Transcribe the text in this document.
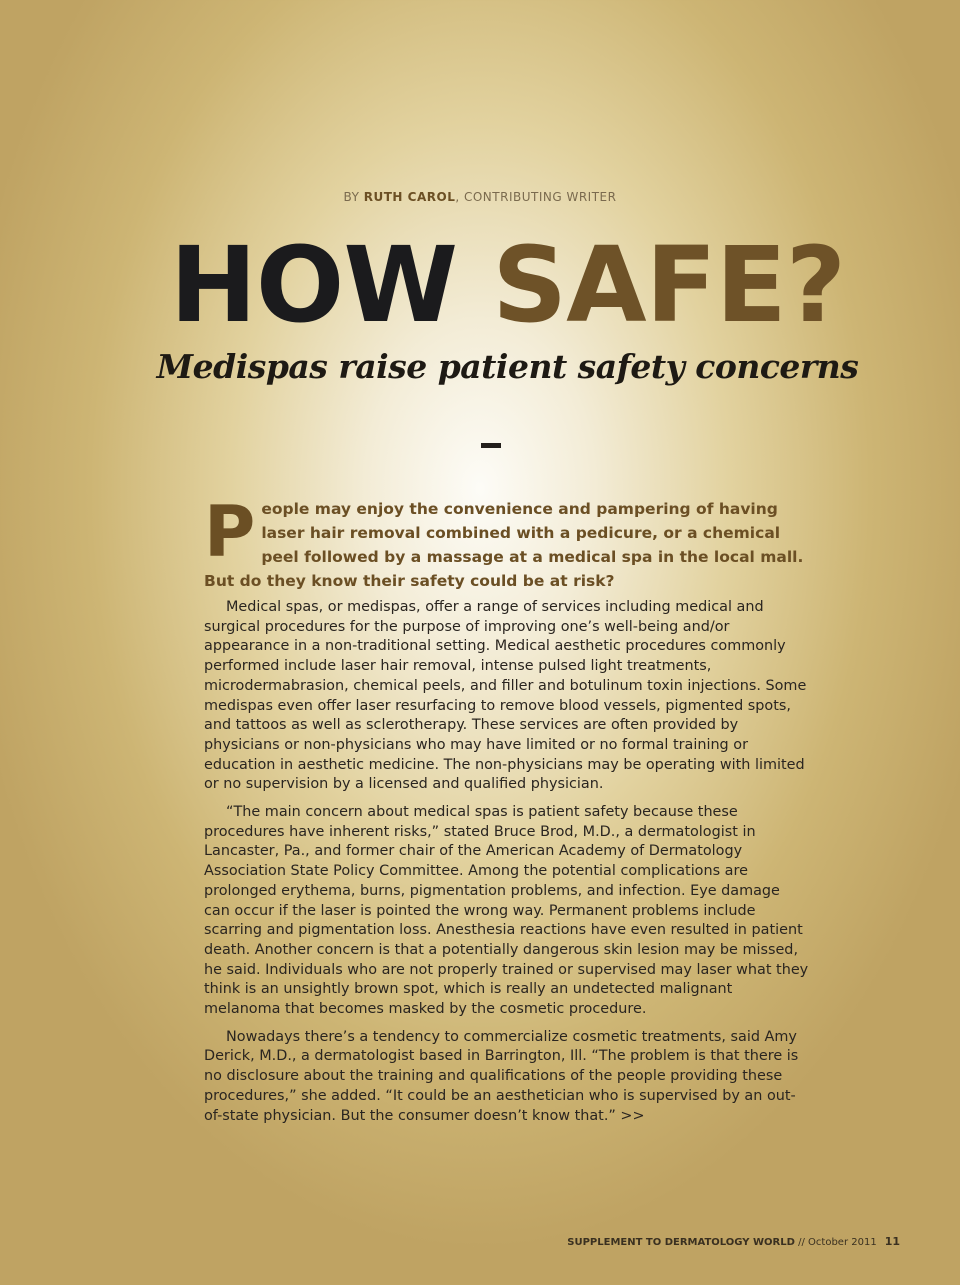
BY RUTH CAROL, CONTRIBUTING WRITER
HOW SAFE?
Medispas raise patient safety concerns

People may enjoy the convenience and pampering of having laser hair removal combined with a pedicure, or a chemical peel followed by a massage at a medical spa in the local mall. But do they know their safety could be at risk?

Medical spas, or medispas, offer a range of services including medical and surgical procedures for the purpose of improving one’s well-being and/or appearance in a non-traditional setting. Medical aesthetic procedures commonly performed include laser hair removal, intense pulsed light treatments, microdermabrasion, chemical peels, and filler and botulinum toxin injections. Some medispas even offer laser resurfacing to remove blood vessels, pigmented spots, and tattoos as well as sclerotherapy. These services are often provided by physicians or non-physicians who may have limited or no formal training or education in aesthetic medicine. The non-physicians may be operating with limited or no supervision by a licensed and qualified physician.

“The main concern about medical spas is patient safety because these procedures have inherent risks,” stated Bruce Brod, M.D., a dermatologist in Lancaster, Pa., and former chair of the American Academy of Dermatology Association State Policy Committee. Among the potential complications are prolonged erythema, burns, pigmentation problems, and infection. Eye damage can occur if the laser is pointed the wrong way. Permanent problems include scarring and pigmentation loss. Anesthesia reactions have even resulted in patient death. Another concern is that a potentially dangerous skin lesion may be missed, he said. Individuals who are not properly trained or supervised may laser what they think is an unsightly brown spot, which is really an undetected malignant melanoma that becomes masked by the cosmetic procedure.

Nowadays there’s a tendency to commercialize cosmetic treatments, said Amy Derick, M.D., a dermatologist based in Barrington, Ill. “The problem is that there is no disclosure about the training and qualifications of the people providing these procedures,” she added. “It could be an aesthetician who is supervised by an out-of-state physician. But the consumer doesn’t know that.” >>

SUPPLEMENT TO DERMATOLOGY WORLD // October 2011 11
